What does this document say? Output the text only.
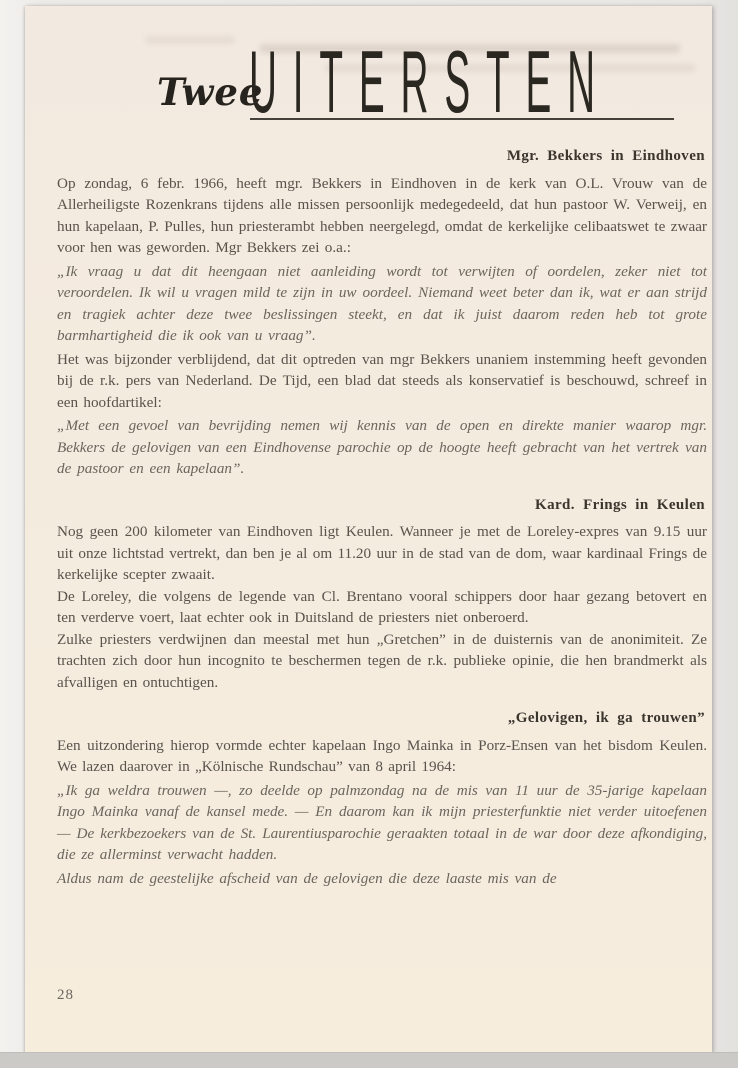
Twee
UITERSTEN
Mgr. Bekkers in Eindhoven
Op zondag, 6 febr. 1966, heeft mgr. Bekkers in Eindhoven in de kerk van O.L. Vrouw van de Allerheiligste Rozenkrans tijdens alle missen persoonlijk medegedeeld, dat hun pastoor W. Verweij, en hun kapelaan, P. Pulles, hun priesterambt hebben neergelegd, omdat de kerkelijke celibaatswet te zwaar voor hen was geworden. Mgr Bekkers zei o.a.:
„Ik vraag u dat dit heengaan niet aanleiding wordt tot verwijten of oordelen, zeker niet tot veroordelen. Ik wil u vragen mild te zijn in uw oordeel. Niemand weet beter dan ik, wat er aan strijd en tragiek achter deze twee beslissingen steekt, en dat ik juist daarom reden heb tot grote barmhartigheid die ik ook van u vraag”.
Het was bijzonder verblijdend, dat dit optreden van mgr Bekkers unaniem instemming heeft gevonden bij de r.k. pers van Nederland. De Tijd, een blad dat steeds als konservatief is beschouwd, schreef in een hoofdartikel:
„Met een gevoel van bevrijding nemen wij kennis van de open en direkte manier waarop mgr. Bekkers de gelovigen van een Eindhovense parochie op de hoogte heeft gebracht van het vertrek van de pastoor en een kapelaan”.
Kard. Frings in Keulen
Nog geen 200 kilometer van Eindhoven ligt Keulen. Wanneer je met de Loreley-expres van 9.15 uur uit onze lichtstad vertrekt, dan ben je al om 11.20 uur in de stad van de dom, waar kardinaal Frings de kerkelijke scepter zwaait.
De Loreley, die volgens de legende van Cl. Brentano vooral schippers door haar gezang betovert en ten verderve voert, laat echter ook in Duitsland de priesters niet onberoerd.
Zulke priesters verdwijnen dan meestal met hun „Gretchen” in de duisternis van de anonimiteit. Ze trachten zich door hun incognito te beschermen tegen de r.k. publieke opinie, die hen brandmerkt als afvalligen en ontuchtigen.
„Gelovigen, ik ga trouwen”
Een uitzondering hierop vormde echter kapelaan Ingo Mainka in Porz-Ensen van het bisdom Keulen. We lazen daarover in „Kölnische Rundschau” van 8 april 1964:
„Ik ga weldra trouwen —, zo deelde op palmzondag na de mis van 11 uur de 35-jarige kapelaan Ingo Mainka vanaf de kansel mede. — En daarom kan ik mijn priesterfunktie niet verder uitoefenen — De kerkbezoekers van de St. Laurentiusparochie geraakten totaal in de war door deze afkondiging, die ze allerminst verwacht hadden.
Aldus nam de geestelijke afscheid van de gelovigen die deze laaste mis van de
28
